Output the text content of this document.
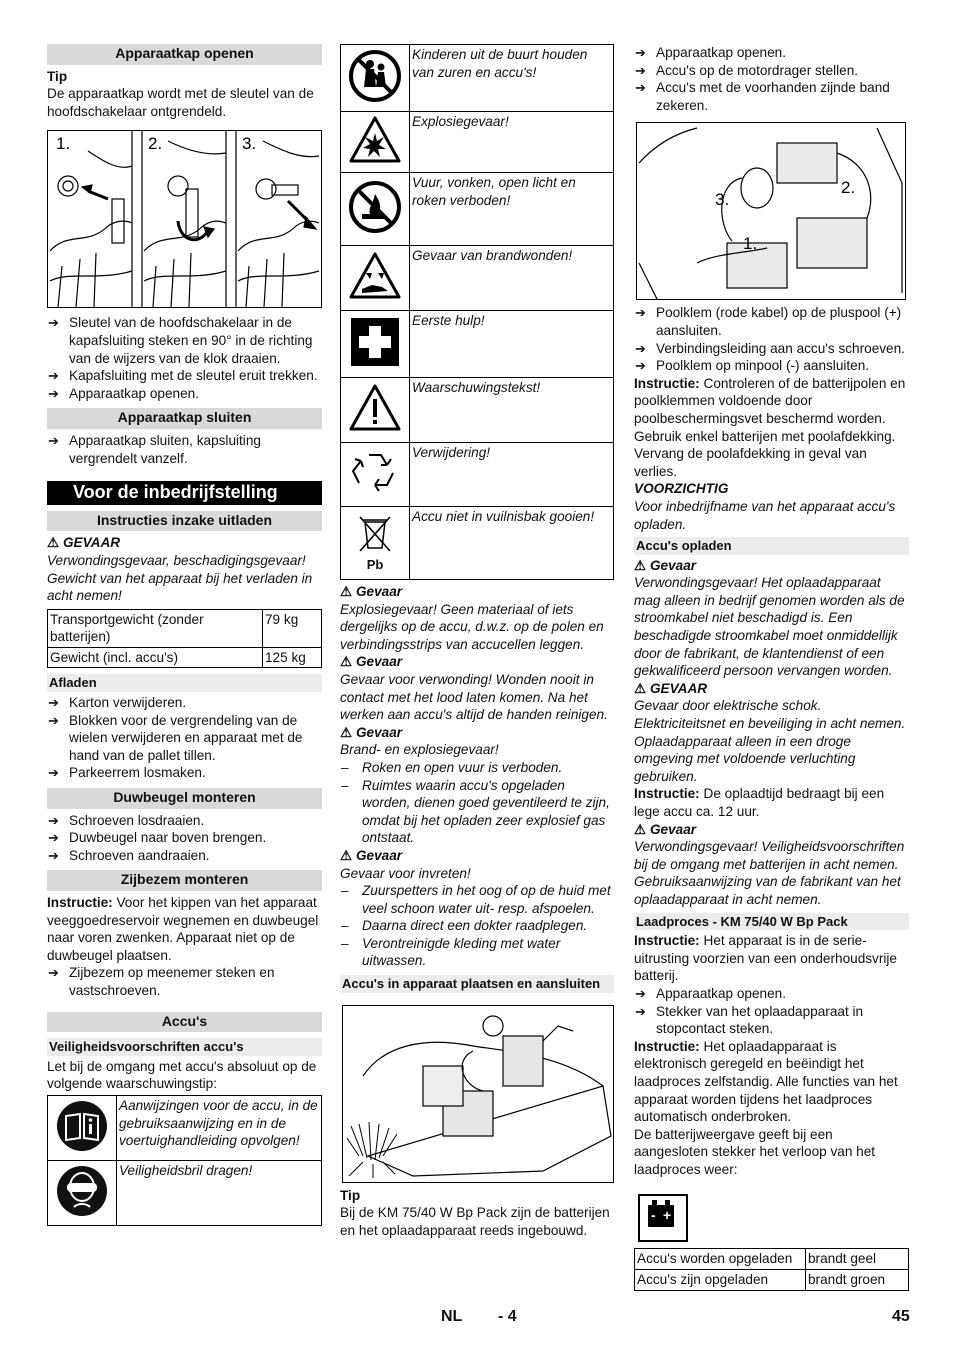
Apparaatkap openen

Tip

De apparaatkap wordt met de sleutel van de hoofdschakelaar ontgrendeld.

1.	2.	3.
➔ Sleutel van de hoofdschakelaar in de kapafsluiting steken en 90° in de richting van de wijzers van de klok draaien.
➔ Kapafsluiting met de sleutel eruit trekken.
➔ Apparaatkap openen.
Apparaatkap sluiten
➔ Apparaatkap sluiten, kapsluiting vergrendelt vanzelf.
Voor de inbedrijfstelling
Instructies inzake uitladen

⚠ GEVAAR

Verwondingsgevaar, beschadigingsgevaar!

Gewicht van het apparaat bij het verladen in acht nemen!

Transportgewicht (zonder batterijen)	79 kg
Gewicht (incl. accu's)	125 kg
Afladen
➔ Karton verwijderen.
➔ Blokken voor de vergrendeling van de wielen verwijderen en apparaat met de hand van de pallet tillen.
➔ Parkeerrem losmaken.
Duwbeugel monteren
➔ Schroeven losdraaien.
➔ Duwbeugel naar boven brengen.
➔ Schroeven aandraaien.
Zijbezem monteren

Instructie: Voor het kippen van het apparaat veeggoedreservoir wegnemen en duwbeugel naar voren zwenken. Apparaat niet op de duwbeugel plaatsen.

➔ Zijbezem op meenemer steken en vastschroeven.
Accu's
Veiligheidsvoorschriften accu's

Let bij de omgang met accu's absoluut op de volgende waarschuwingstip:

	Aanwijzingen voor de accu, in de gebruiksaanwijzing en in de voertuighandleiding opvolgen!
	Veiligheidsbril dragen!
	Kinderen uit de buurt houden van zuren en accu's!
	Explosiegevaar!
	Vuur, vonken, open licht en roken verboden!
	Gevaar van brandwonden!
	Eerste hulp!
	Waarschuwingstekst!
	Verwijdering!

Pb	Accu niet in vuilnisbak gooien!

⚠ Gevaar

Explosiegevaar! Geen materiaal of iets dergelijks op de accu, d.w.z. op de polen en verbindingsstrips van accucellen leggen.

⚠ Gevaar

Gevaar voor verwonding! Wonden nooit in contact met het lood laten komen. Na het werken aan accu's altijd de handen reinigen.

⚠ Gevaar

Brand- en explosiegevaar!

– Roken en open vuur is verboden.
– Ruimtes waarin accu's opgeladen worden, dienen goed geventileerd te zijn, omdat bij het opladen zeer explosief gas ontstaat.

⚠ Gevaar

Gevaar voor invreten!

– Zuurspetters in het oog of op de huid met veel schoon water uit- resp. afspoelen.
– Daarna direct een dokter raadplegen.
– Verontreinigde kleding met water uitwassen.
Accu's in apparaat plaatsen en aansluiten

Tip

Bij de KM 75/40 W Bp Pack zijn de batterijen en het oplaadapparaat reeds ingebouwd.

➔ Apparaatkap openen.
➔ Accu's op de motordrager stellen.
➔ Accu's met de voorhanden zijnde band zekeren.
2.
3.
1.
➔ Poolklem (rode kabel) op de pluspool (+) aansluiten.
➔ Verbindingsleiding aan accu's schroeven.
➔ Poolklem op minpool (-) aansluiten.

Instructie: Controleren of de batterijpolen en poolklemmen voldoende door poolbeschermingsvet beschermd worden.

Gebruik enkel batterijen met poolafdekking. Vervang de poolafdekking in geval van verlies.

VOORZICHTIG

Voor inbedrijfname van het apparaat accu's opladen.

Accu's opladen

⚠ Gevaar

Verwondingsgevaar! Het oplaadapparaat mag alleen in bedrijf genomen worden als de stroomkabel niet beschadigd is. Een beschadigde stroomkabel moet onmiddellijk door de fabrikant, de klantendienst of een gekwalificeerd persoon vervangen worden.

⚠ GEVAAR

Gevaar door elektrische schok. Elektriciteitsnet en beveiliging in acht nemen. Oplaadapparaat alleen in een droge omgeving met voldoende verluchting gebruiken.

Instructie: De oplaadtijd bedraagt bij een lege accu ca. 12 uur.

⚠ Gevaar

Verwondingsgevaar! Veiligheidsvoorschriften bij de omgang met batterijen in acht nemen. Gebruiksaanwijzing van de fabrikant van het oplaadapparaat in acht nemen.

Laadproces - KM 75/40 W Bp Pack

Instructie: Het apparaat is in de serie-uitrusting voorzien van een onderhoudsvrije batterij.

➔ Apparaatkap openen.
➔ Stekker van het oplaadapparaat in stopcontact steken.

Instructie: Het oplaadapparaat is elektronisch geregeld en beëindigt het laadproces zelfstandig. Alle functies van het apparaat worden tijdens het laadproces automatisch onderbroken.

De batterijweergave geeft bij een aangesloten stekker het verloop van het laadproces weer:

- +
Accu's worden opgeladen	brandt geel
Accu's zijn opgeladen	brandt groen
NL - 4	45
